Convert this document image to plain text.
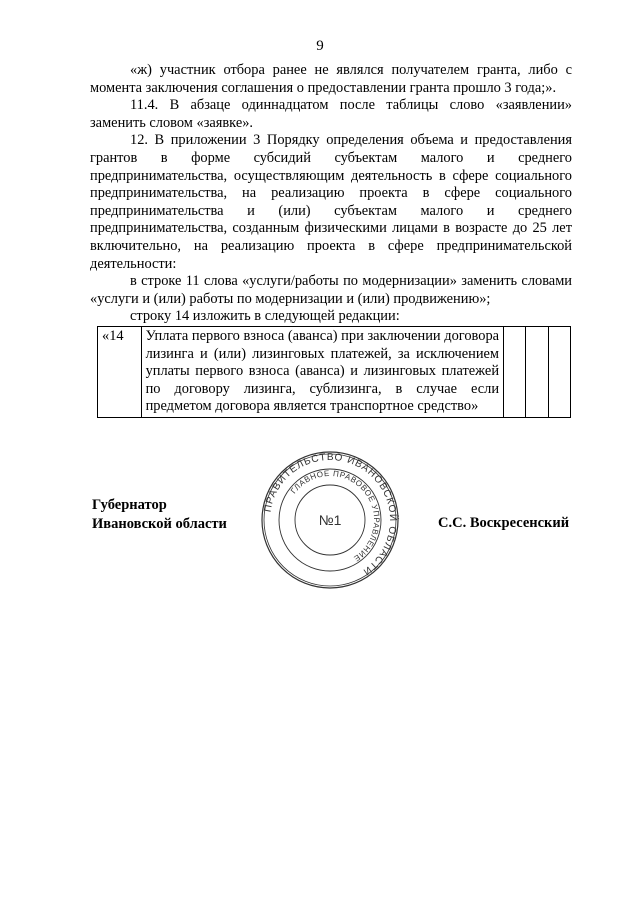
9

«ж) участник отбора ранее не являлся получателем гранта, либо с момента заключения соглашения о предоставлении гранта прошло 3 года;».

11.4. В абзаце одиннадцатом после таблицы слово «заявлении» заменить словом «заявке».

12. В приложении 3 Порядку определения объема и предоставления грантов в форме субсидий субъектам малого и среднего предпринимательства, осуществляющим деятельность в сфере социального предпринимательства, на реализацию проекта в сфере социального предпринимательства и (или) субъектам малого и среднего предпринимательства, созданным физическими лицами в возрасте до 25 лет включительно, на реализацию проекта в сфере предпринимательской деятельности:

в строке 11 слова «услуги/работы по модернизации» заменить словами «услуги и (или) работы по модернизации и (или) продвижению»;

строку 14 изложить в следующей редакции:

«14	Уплата первого взноса (аванса) при заключении договора лизинга и (или) лизинговых платежей, за исключением уплаты первого взноса (аванса) и лизинговых платежей по договору лизинга, сублизинга, в случае если предметом договора является транспортное средство»			
Губернатор
Ивановской области	С.С. Воскресенский
ПРАВИТЕЛЬСТВО ИВАНОВСКОЙ ОБЛАСТИ
ГЛАВНОЕ ПРАВОВОЕ УПРАВЛЕНИЕ
№1
